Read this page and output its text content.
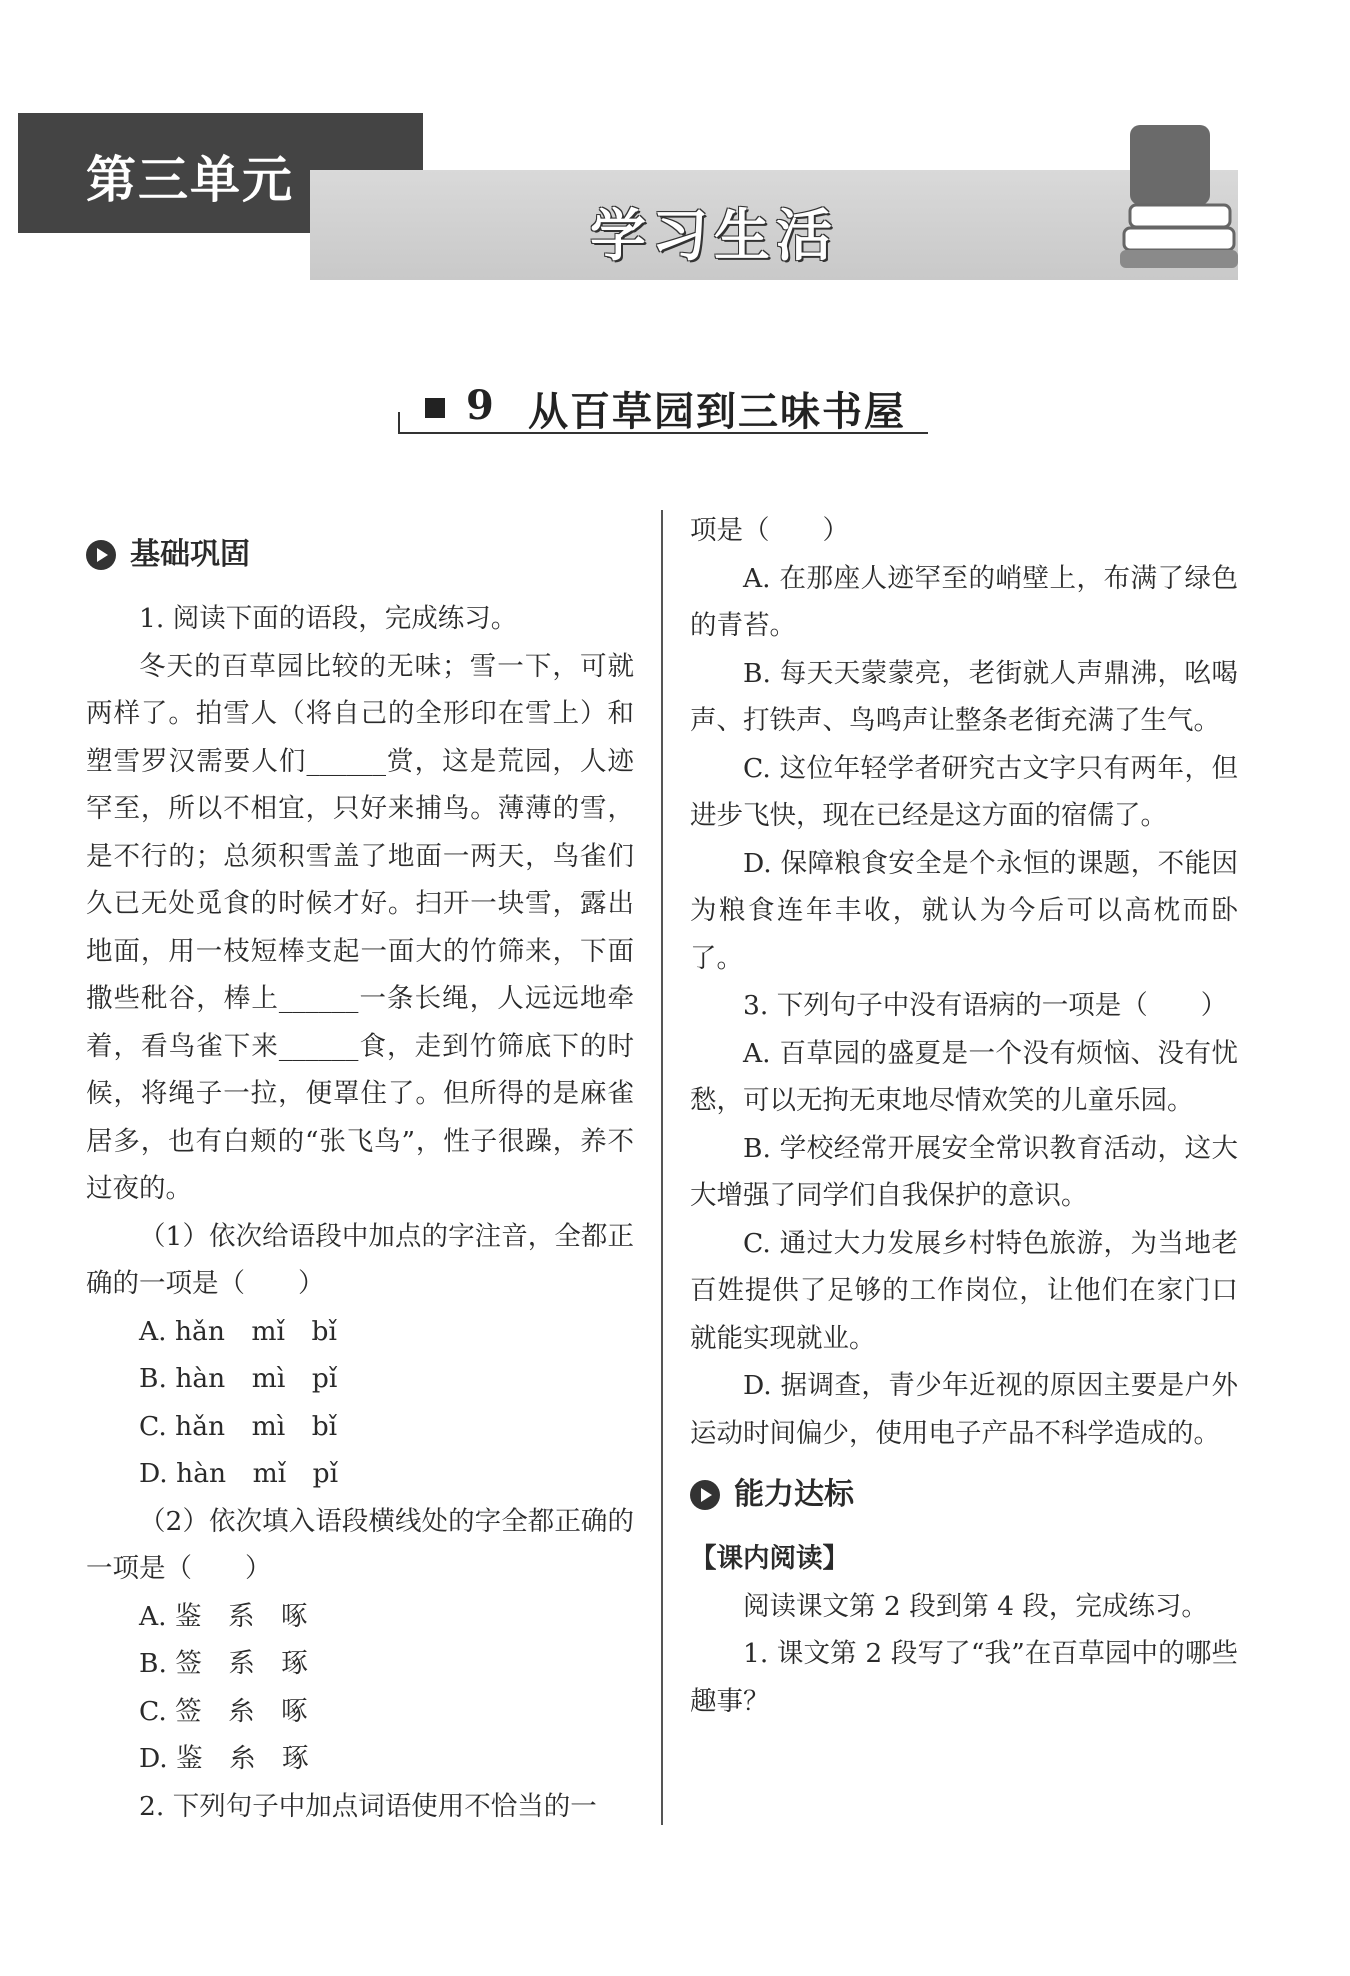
第三单元
学习生活
9 从百草园到三味书屋
基础巩固

1. 阅读下面的语段，完成练习。

冬天的百草园比较的无味；雪一下，可就两样了。拍雪人（将自己的全形印在雪上）和塑雪罗汉需要人们______赏，这是荒园，人迹罕至，所以不相宜，只好来捕鸟。薄薄的雪，是不行的；总须积雪盖了地面一两天，鸟雀们久已无处觅食的时候才好。扫开一块雪，露出地面，用一枝短棒支起一面大的竹筛来，下面撒些秕谷，棒上______一条长绳，人远远地牵着，看鸟雀下来______食，走到竹筛底下的时候，将绳子一拉，便罩住了。但所得的是麻雀居多，也有白颊的“张飞鸟”，性子很躁，养不过夜的。

（1）依次给语段中加点的字注音，全都正确的一项是（　　）

A. hǎn　mǐ　bǐ

B. hàn　mì　pǐ

C. hǎn　mì　bǐ

D. hàn　mǐ　pǐ

（2）依次填入语段横线处的字全都正确的一项是（　　）

A. 鉴　系　啄

B. 签　系　琢

C. 签　糸　啄

D. 鉴　糸　琢

2. 下列句子中加点词语使用不恰当的一

项是（　　）

A. 在那座人迹罕至的峭壁上，布满了绿色的青苔。

B. 每天天蒙蒙亮，老街就人声鼎沸，吆喝声、打铁声、鸟鸣声让整条老街充满了生气。

C. 这位年轻学者研究古文字只有两年，但进步飞快，现在已经是这方面的宿儒了。

D. 保障粮食安全是个永恒的课题，不能因为粮食连年丰收，就认为今后可以高枕而卧了。

3. 下列句子中没有语病的一项是（　　）

A. 百草园的盛夏是一个没有烦恼、没有忧愁，可以无拘无束地尽情欢笑的儿童乐园。

B. 学校经常开展安全常识教育活动，这大大增强了同学们自我保护的意识。

C. 通过大力发展乡村特色旅游，为当地老百姓提供了足够的工作岗位，让他们在家门口就能实现就业。

D. 据调查，青少年近视的原因主要是户外运动时间偏少，使用电子产品不科学造成的。

能力达标

【课内阅读】

阅读课文第 2 段到第 4 段，完成练习。

1. 课文第 2 段写了“我”在百草园中的哪些趣事？
